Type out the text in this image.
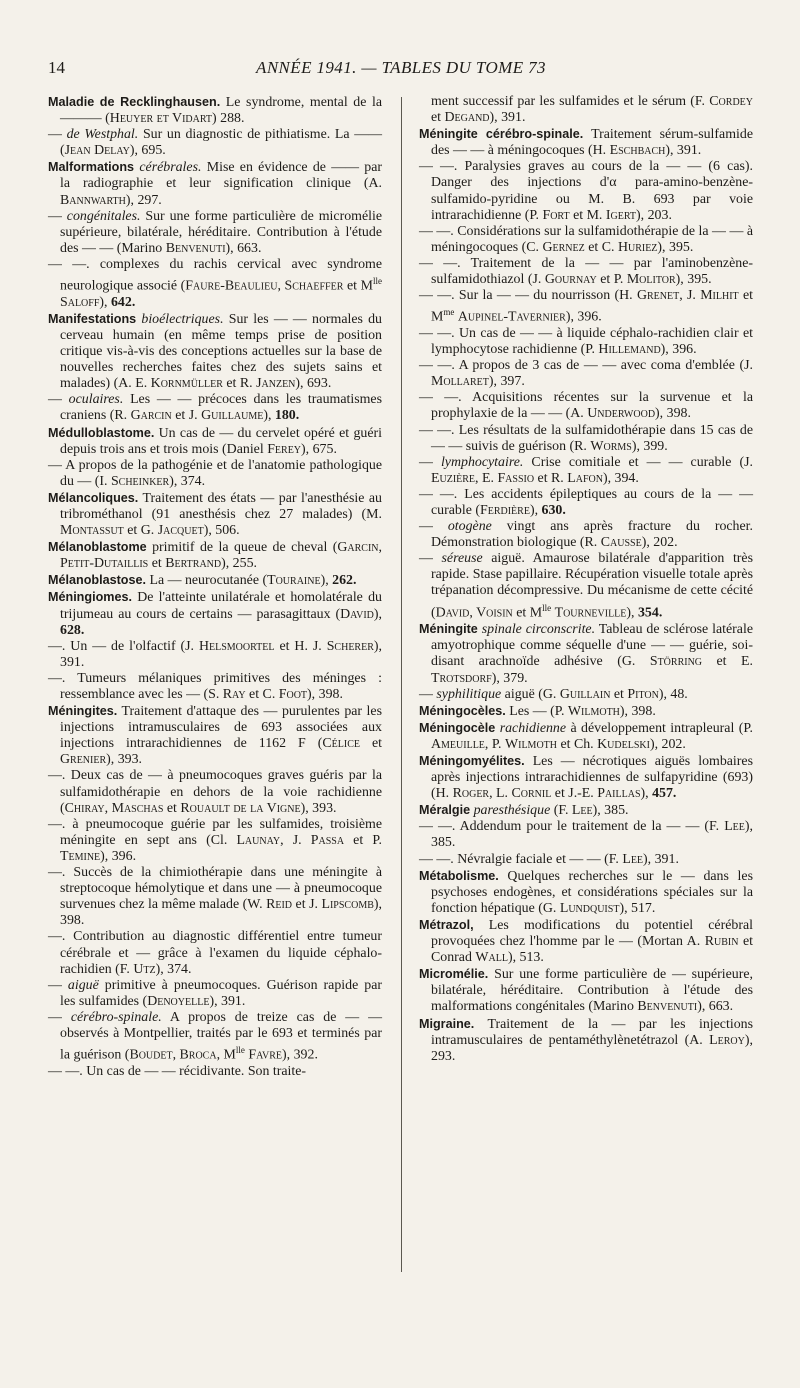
14	ANNÉE 1941. — TABLES DU TOME 73

Maladie de Recklinghausen. Le syndrome, mental de la ——— (Heuyer et Vidart) 288.

— de Westphal. Sur un diagnostic de pithiatisme. La —— (Jean Delay), 695.

Malformations cérébrales. Mise en évidence de —— par la radiographie et leur signification clinique (A. Bannwarth), 297.

— congénitales. Sur une forme particulière de micromélie supérieure, bilatérale, héréditaire. Contribution à l'étude des — — (Marino Benvenuti), 663.

— —. complexes du rachis cervical avec syndrome neurologique associé (Faure-Beaulieu, Schaeffer et $M^{lle}$ Saloff), 642.

Manifestations bioélectriques. Sur les — — normales du cerveau humain (en même temps prise de position critique vis-à-vis des conceptions actuelles sur la base de nouvelles recherches faites chez des sujets sains et malades) (A. E. Kornmüller et R. Janzen), 693.

— oculaires. Les — — précoces dans les traumatismes craniens (R. Garcin et J. Guillaume), 180.

Médulloblastome. Un cas de — du cervelet opéré et guéri depuis trois ans et trois mois (Daniel Ferey), 675.

— A propos de la pathogénie et de l'anatomie pathologique du — (I. Scheinker), 374.

Mélancoliques. Traitement des états — par l'anesthésie au tribrométhanol (91 anesthésis chez 27 malades) (M. Montassut et G. Jacquet), 506.

Mélanoblastome primitif de la queue de cheval (Garcin, Petit-Dutaillis et Bertrand), 255.

Mélanoblastose. La — neurocutanée (Touraine), 262.

Méningiomes. De l'atteinte unilatérale et homolatérale du trijumeau au cours de certains — parasagittaux (David), 628.

—. Un — de l'olfactif (J. Helsmoortel et H. J. Scherer), 391.

—. Tumeurs mélaniques primitives des méninges : ressemblance avec les — (S. Ray et C. Foot), 398.

Méningites. Traitement d'attaque des — purulentes par les injections intramusculaires de 693 associées aux injections intrarachidiennes de 1162 F (Célice et Grenier), 393.

—. Deux cas de — à pneumocoques graves guéris par la sulfamidothérapie en dehors de la voie rachidienne (Chiray, Maschas et Rouault de la Vigne), 393.

—. à pneumocoque guérie par les sulfamides, troisième méningite en sept ans (Cl. Launay, J. Passa et P. Temine), 396.

—. Succès de la chimiothérapie dans une méningite à streptocoque hémolytique et dans une — à pneumocoque survenues chez la même malade (W. Reid et J. Lipscomb), 398.

—. Contribution au diagnostic différentiel entre tumeur cérébrale et — grâce à l'examen du liquide céphalo-rachidien (F. Utz), 374.

— aiguë primitive à pneumocoques. Guérison rapide par les sulfamides (Denoyelle), 391.

— cérébro-spinale. A propos de treize cas de — — observés à Montpellier, traités par le 693 et terminés par la guérison (Boudet, Broca, $M^{lle}$ Favre), 392.

— —. Un cas de — — récidivante. Son traite-

ment successif par les sulfamides et le sérum (F. Cordey et Degand), 391.

Méningite cérébro-spinale. Traitement sérum-sulfamide des — — à méningocoques (H. Eschbach), 391.

— —. Paralysies graves au cours de la — — (6 cas). Danger des injections d'α para-amino-benzène-sulfamido-pyridine ou M. B. 693 par voie intrarachidienne (P. Fort et M. Igert), 203.

— —. Considérations sur la sulfamidothérapie de la — — à méningocoques (C. Gernez et C. Huriez), 395.

— —. Traitement de la — — par l'aminobenzène-sulfamidothiazol (J. Gournay et P. Molitor), 395.

— —. Sur la — — du nourrisson (H. Grenet, J. Milhit et $M^{me}$ Aupinel-Tavernier), 396.

— —. Un cas de — — à liquide céphalo-rachidien clair et lymphocytose rachidienne (P. Hillemand), 396.

— —. A propos de 3 cas de — — avec coma d'emblée (J. Mollaret), 397.

— —. Acquisitions récentes sur la survenue et la prophylaxie de la — — (A. Underwood), 398.

— —. Les résultats de la sulfamidothérapie dans 15 cas de — — suivis de guérison (R. Worms), 399.

— lymphocytaire. Crise comitiale et — — curable (J. Euzière, E. Fassio et R. Lafon), 394.

— —. Les accidents épileptiques au cours de la — — curable (Ferdière), 630.

— otogène vingt ans après fracture du rocher. Démonstration biologique (R. Causse), 202.

— séreuse aiguë. Amaurose bilatérale d'apparition très rapide. Stase papillaire. Récupération visuelle totale après trépanation décompressive. Du mécanisme de cette cécité (David, Voisin et $M^{lle}$ Tourneville), 354.

Méningite spinale circonscrite. Tableau de sclérose latérale amyotrophique comme séquelle d'une — — guérie, soi-disant arachnoïde adhésive (G. Störring et E. Trotsdorf), 379.

— syphilitique aiguë (G. Guillain et Piton), 48.

Méningocèles. Les — (P. Wilmoth), 398.

Méningocèle rachidienne à développement intrapleural (P. Ameuille, P. Wilmoth et Ch. Kudelski), 202.

Méningomyélites. Les — nécrotiques aiguës lombaires après injections intrarachidiennes de sulfapyridine (693) (H. Roger, L. Cornil et J.-E. Paillas), 457.

Méralgie paresthésique (F. Lee), 385.

— —. Addendum pour le traitement de la — — (F. Lee), 385.

— —. Névralgie faciale et — — (F. Lee), 391.

Métabolisme. Quelques recherches sur le — dans les psychoses endogènes, et considérations spéciales sur la fonction hépatique (G. Lundquist), 517.

Métrazol, Les modifications du potentiel cérébral provoquées chez l'homme par le — (Mortan A. Rubin et Conrad Wall), 513.

Micromélie. Sur une forme particulière de — supérieure, bilatérale, héréditaire. Contribution à l'étude des malformations congénitales (Marino Benvenuti), 663.

Migraine. Traitement de la — par les injections intramusculaires de pentaméthylènetétrazol (A. Leroy), 293.
